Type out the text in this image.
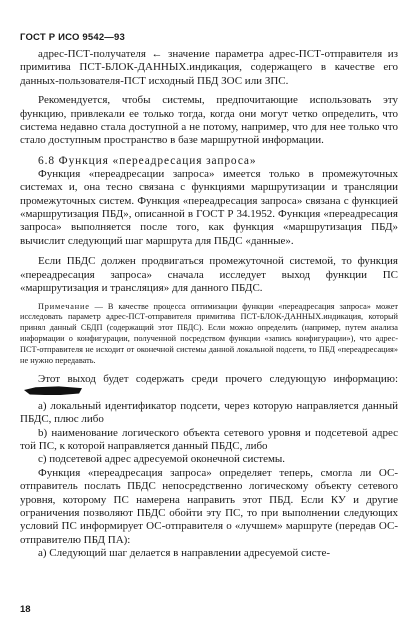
ГОСТ Р ИСО 9542—93

адрес-ПСТ-получателя ← значение параметра адрес-ПСТ-отправителя из примитива ПСТ-БЛОК-ДАННЫХ.индикация, содержащего в качестве его данных-пользователя-ПСТ исходный ПБД ЗОС или ЗПС.

Рекомендуется, чтобы системы, предпочитающие использовать эту функцию, привлекали ее только тогда, когда они могут четко определить, что система недавно стала доступной а не потому, например, что для нее только что стало доступным пространство в базе маршрутной информации.

6.8 Функция «переадресация запроса»

Функция «переадресации запроса» имеется только в промежуточных системах и, она тесно связана с функциями маршрутизации и трансляции промежуточных систем. Функция «переадресация запроса» связана с функцией «маршрутизация ПБД», описанной в ГОСТ Р 34.1952. Функция «переадресация запроса» выполняется после того, как функция «маршрутизация ПБД» вычислит следующий шаг маршрута для ПБДС «данные».

Если ПБДС должен продвигаться промежуточной системой, то функция «переадресация запроса» сначала исследует выход функции ПС «маршрутизация и трансляция» для данного ПБДС.

Примечание — В качестве процесса оптимизации функции «переадресация запроса» может исследовать параметр адрес-ПСТ-отправителя примитива ПСТ-БЛОК-ДАННЫХ.индикация, который принял данный СБДП (содержащий этот ПБДС). Если можно определить (например, путем анализа информации о конфигурации, полученной посредством функции «запись конфигурации»), что адрес-ПСТ-отправителя не исходит от оконечной системы данной локальной подсети, то ПБД «переадресация» не нужно передавать.

Этот выход будет содержать среди прочего следующую информацию:

a) локальный идентификатор подсети, через которую направляется данный ПБДС, плюс либо

b) наименование логического объекта сетевого уровня и подсетевой адрес той ПС, к которой направляется данный ПБДС, либо

c) подсетевой адрес адресуемой оконечной системы.

Функция «переадресация запроса» определяет теперь, смогла ли ОС-отправитель послать ПБДС непосредственно логическому объекту сетевого уровня, которому ПС намерена направить этот ПБД. Если КУ и другие ограничения позволяют ПБДС обойти эту ПС, то при выполнении следующих условий ПС информирует ОС-отправителя о «лучшем» маршруте (передав ОС-отправителю ПБД ПА):

a) Следующий шаг делается в направлении адресуемой систе-

18
